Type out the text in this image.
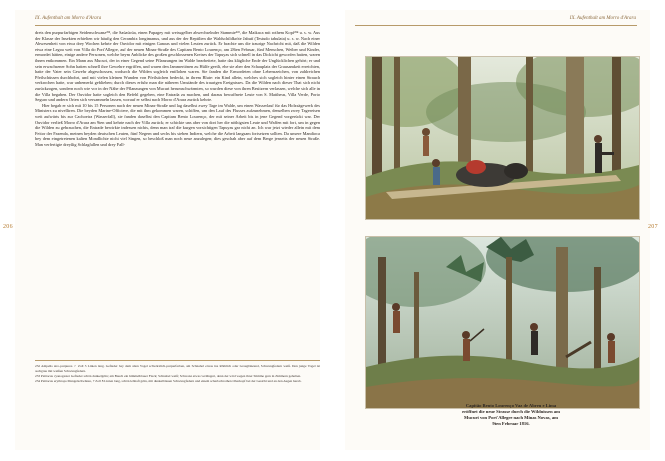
IX. Aufenthalt am Morro d'Arara
206

drets den purpurfarbigen Seidenschwanz²³², die Saúaúcúa, einen Papagey mit weissgelber abwechselnder Stammie²³³, die Maikaca mit rothem Kopf²³⁴ u. s. w. Aus der Klasse der Insekten erhielten wir häufig den Cerambix longimanus, und aus der der Reptilien die Waldschildkröte Jabutí (Testudo tabulata) u. s. w. Nach einer Abwesenheit von etwa drey Wochen kehrte der Ouvidor mit einigen Ganoas und vielen Leuten zurück. Er brachte uns die traurige Nachricht mit, daß die Wilden etwa eine Legoa weit von Villa do Port'Allegre, auf der neuen Minas-Straße des Capitam Bento Lourenço, am 28ten Februar, fünf Menschen, Weiber und Kinder, ermordet hätten, einige andere Personen, welche beym Anblicke des großen geschlossenen Kreises der Tapuyas sich schnell in das Dickicht geworfen hatten, waren ihnen entkommen. Ein Mann aus Mucuri, der in einer Gegend seine Pflanzungen im Walde bearbeitete, hatte das klägliche Ende der Unglücklichen gehört; er und sein erwachsener Sohn hatten schnell ihre Gewehre ergriffen, und waren den Jammertönen zu Hülfe geeilt, ehe sie aber den Schauplatz der Grausamkeit erreichten, hatte der Vater sein Gewehr abgeschossen, wodurch die Wilden sogleich entflohen waren. Sie fanden die Ermordeten ohne Lebenszeichen, von zahlreichen Pfeilschüssen durchbohrt, und mit vielen kleinen Wunden von Pfeilstichen bedeckt, in ihrem Blute: ein Kind allein, welches sich sogleich hinter einen Strauch verkrochen hatte, war unbemerkt geblieben; durch dieses erfuhr man die näheren Umstände des traurigen Ereignisses. Da die Wilden nach dieser That sich nicht zurückzogen, sondern noch wie vor in der Nähe der Pflanzungen von Mucuri herumschwärmten, so wurden diese von ihren Besitzern verlassen, welche sich alle in die Villa begaben. Der Ouvidor hatte sogleich den Befehl gegeben, eine Entrada zu machen, und daraus bewaffnete Leute von S. Mattheus, Villa Verde, Porto Seguro und andern Orten sich versammeln lassen, worauf er selbst nach Morro d'Arara zurück kehrte.

Hier begab er sich mit 10 bis 15 Personen nach der neuen Minas-Straße und lag daselbst zwey Tage im Walde, um einen Wasserlauf für das Holzsägewerk des Ministers zu nivelliren. Die beyden Marine-Officiere, die mit ihm gekommen waren, schiffen, um den Lauf des Flusses aufzunehmen, denselben zwey Tagereisen weit aufwärts bis zur Cachoeira (Wasserfall), sie fanden daselbst den Capitam Bento Lourenço, der mit seiner Arbeit bis in jene Gegend vorgerückt war. Der Ouvidor verließ Morro d'Arara am 9ten und kehrte nach der Villa zurück; er schickte uns aber von dort her die nöthigsten Leute und Waffen mit fort, um in gegen die Wilden zu gebrauchen, die Entrade bewirkte indessen nichts, denn man traf die kurgen vorsichtigen Tapuyas gar nicht an. Ich war jetzt wieder allein mit dem Feitor der Fazenda, meinen beyden deutschen Leuten, fünf Negern und sechs bis sieben Indiern, welche die Arbeit langsam fortsetzen sollten. Da unsere Mandioca bey dem eingetretenen kalten Mondlichte nicht viel Singen, so beschloß man noch neue anzulegen; dies geschah aber auf dem Berge jenseits der neuen Straße. Man verfertigte dreyßig Schlagfallen und drey Fall-

232 Ampelis atro-purpurea ♂ Zoll 3 Linien lang. Gefieder bey dem alten Vogel schwärzlich-purpurfarben, am Schnabel etwas ins Röthlich oder Grauglänzend, Schwungfedern weiß. Den junge Vogel ist aschgrau mit weißen Schwungfedern.

233 Psittacus cyanogaster Gefieder schön dunkelgrün; am Bauch ein himmelblauer Fleck; Schnabel weiß; Schwanz etwas verlängert, denn der wird wegen ihrer Stimme gern in Zimmern gehalten.

234 Psittacus erythrops Mangelschwänze, 7 Zoll 8 Linien lang, schön lebhaft grün, mit dunkelblauen Schwungfedern und einem scharlachrothen Oberkopf bei der Gesicht und an den Augen herab.

IX. Aufenthalt am Morro d'Arara
207
Capitão Bento Lourenço Vaz de Abreu e Lima eröffnet die neue Strasse durch die Wildnissen am Mucuri von Port'Allegre nach Minas Novas, am 9ten Februar 1816.
